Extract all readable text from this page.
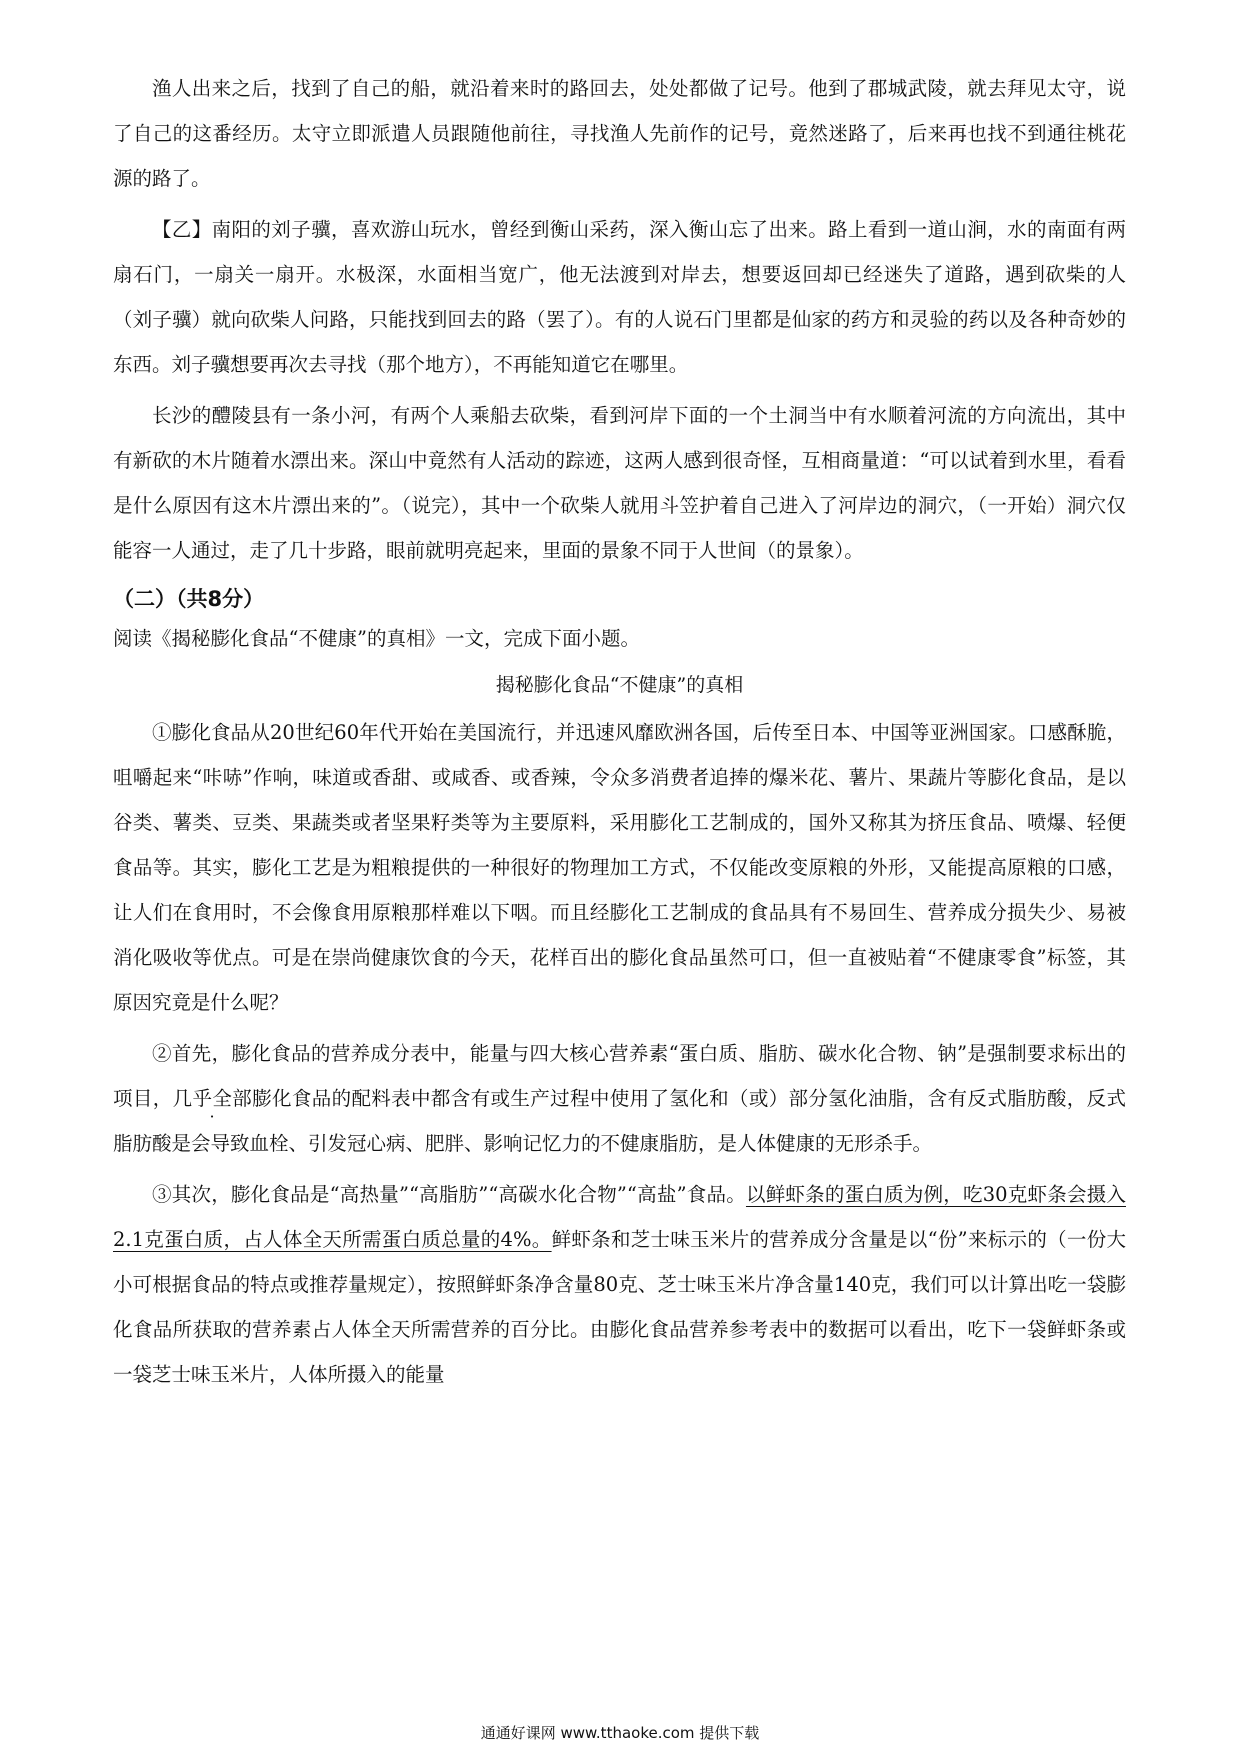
渔人出来之后，找到了自己的船，就沿着来时的路回去，处处都做了记号。他到了郡城武陵，就去拜见太守，说了自己的这番经历。太守立即派遣人员跟随他前往，寻找渔人先前作的记号，竟然迷路了，后来再也找不到通往桃花源的路了。

【乙】南阳的刘子骥，喜欢游山玩水，曾经到衡山采药，深入衡山忘了出来。路上看到一道山涧，水的南面有两扇石门，一扇关一扇开。水极深，水面相当宽广，他无法渡到对岸去，想要返回却已经迷失了道路，遇到砍柴的人（刘子骥）就向砍柴人问路，只能找到回去的路（罢了）。有的人说石门里都是仙家的药方和灵验的药以及各种奇妙的东西。刘子骥想要再次去寻找（那个地方），不再能知道它在哪里。

长沙的醴陵县有一条小河，有两个人乘船去砍柴，看到河岸下面的一个土洞当中有水顺着河流的方向流出，其中有新砍的木片随着水漂出来。深山中竟然有人活动的踪迹，这两人感到很奇怪，互相商量道：“可以试着到水里，看看是什么原因有这木片漂出来的”。（说完），其中一个砍柴人就用斗笠护着自己进入了河岸边的洞穴，（一开始）洞穴仅能容一人通过，走了几十步路，眼前就明亮起来，里面的景象不同于人世间（的景象）。

（二）（共8分）

阅读《揭秘膨化食品“不健康”的真相》一文，完成下面小题。

揭秘膨化食品“不健康”的真相

①膨化食品从20世纪60年代开始在美国流行，并迅速风靡欧洲各国，后传至日本、中国等亚洲国家。口感酥脆，咀嚼起来“咔哧”作响，味道或香甜、或咸香、或香辣，令众多消费者追捧的爆米花、薯片、果蔬片等膨化食品，是以谷类、薯类、豆类、果蔬类或者坚果籽类等为主要原料，采用膨化工艺制成的，国外又称其为挤压食品、喷爆、轻便食品等。其实，膨化工艺是为粗粮提供的一种很好的物理加工方式，不仅能改变原粮的外形，又能提高原粮的口感，让人们在食用时，不会像食用原粮那样难以下咽。而且经膨化工艺制成的食品具有不易回生、营养成分损失少、易被消化吸收等优点。可是在崇尚健康饮食的今天，花样百出的膨化食品虽然可口，但一直被贴着“不健康零食”标签，其原因究竟是什么呢？

②首先，膨化食品的营养成分表中，能量与四大核心营养素“蛋白质、脂肪、碳水化合物、钠”是强制要求标出的项目，几乎全部膨化食品的配料表中都含有或生产过程中使用了氢化和（或）部分氢化油脂，含有反式脂肪酸，反式脂肪酸是会导致血栓、引发冠心病、肥胖、影响记忆力的不健康脂肪，是人体健康的无形杀手。

③其次，膨化食品是“高热量”“高脂肪”“高碳水化合物”“高盐”食品。以鲜虾条的蛋白质为例，吃30克虾条会摄入2.1克蛋白质，占人体全天所需蛋白质总量的4%。鲜虾条和芝士味玉米片的营养成分含量是以“份”来标示的（一份大小可根据食品的特点或推荐量规定），按照鲜虾条净含量80克、芝士味玉米片净含量140克，我们可以计算出吃一袋膨化食品所获取的营养素占人体全天所需营养的百分比。由膨化食品营养参考表中的数据可以看出，吃下一袋鲜虾条或一袋芝士味玉米片，人体所摄入的能量

通通好课网 www.tthaoke.com 提供下载
